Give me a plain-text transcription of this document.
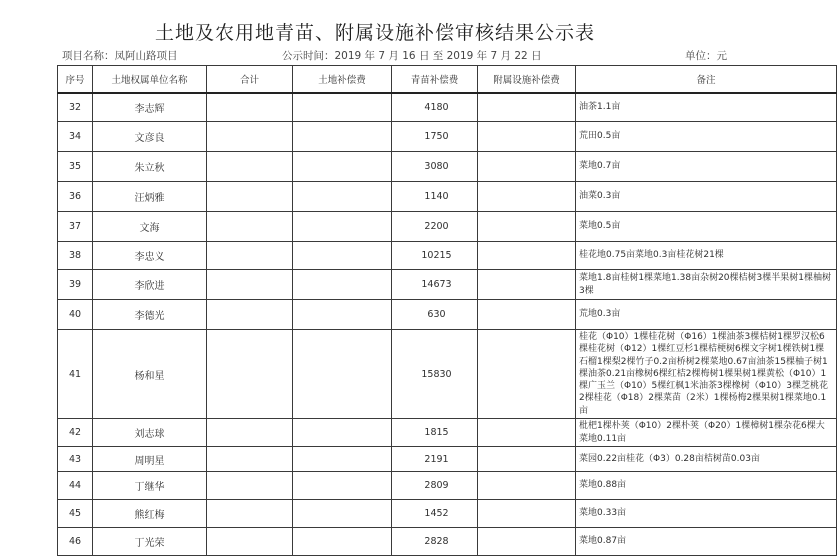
土地及农用地青苗、附属设施补偿审核结果公示表
项目名称：凤阿山路项目	公示时间：2019 年 7 月 16 日 至 2019 年 7 月 22 日	单位：元
序号	土地权属单位名称	合计	土地补偿费	青苗补偿费	附属设施补偿费	备注
32	李志辉			4180		油茶1.1亩
34	文彦良			1750		荒田0.5亩
35	朱立秋			3080		菜地0.7亩
36	汪炳雅			1140		油菜0.3亩
37	文海			2200		菜地0.5亩
38	李忠义			10215		桂花地0.75亩菜地0.3亩桂花树21棵
39	李欣进			14673		菜地1.8亩桂树1棵菜地1.38亩杂树20棵桔树3棵半果树1棵柚树3棵
40	李德光			630		荒地0.3亩
41	杨和星			15830		桂花（Φ10）1棵桂花树（Φ16）1棵油茶3棵桔树1棵罗汉松6棵桂花树（Φ12）1棵红豆杉1棵桔梗树6棵文字树1棵铁树1棵石榴1棵梨2棵竹子0.2亩桥树2棵菜地0.67亩油茶15棵柚子树1棵油茶0.21亩橡树6棵红桔2棵梅树1棵果树1棵黄松（Φ10）1棵广玉兰（Φ10）5棵红枫1米油茶3棵橡树（Φ10）3棵芝桃花2棵桂花（Φ18）2棵菜苗（2米）1棵杨梅2棵果树1棵菜地0.1亩
42	刘志球			1815		枇杷1棵朴荚（Φ10）2棵朴荚（Φ20）1棵樟树1棵杂花6棵大菜地0.11亩
43	周明星			2191		菜园0.22亩桂花（Φ3）0.28亩桔树苗0.03亩
44	丁继华			2809		菜地0.88亩
45	熊红梅			1452		菜地0.33亩
46	丁光荣			2828		菜地0.87亩
